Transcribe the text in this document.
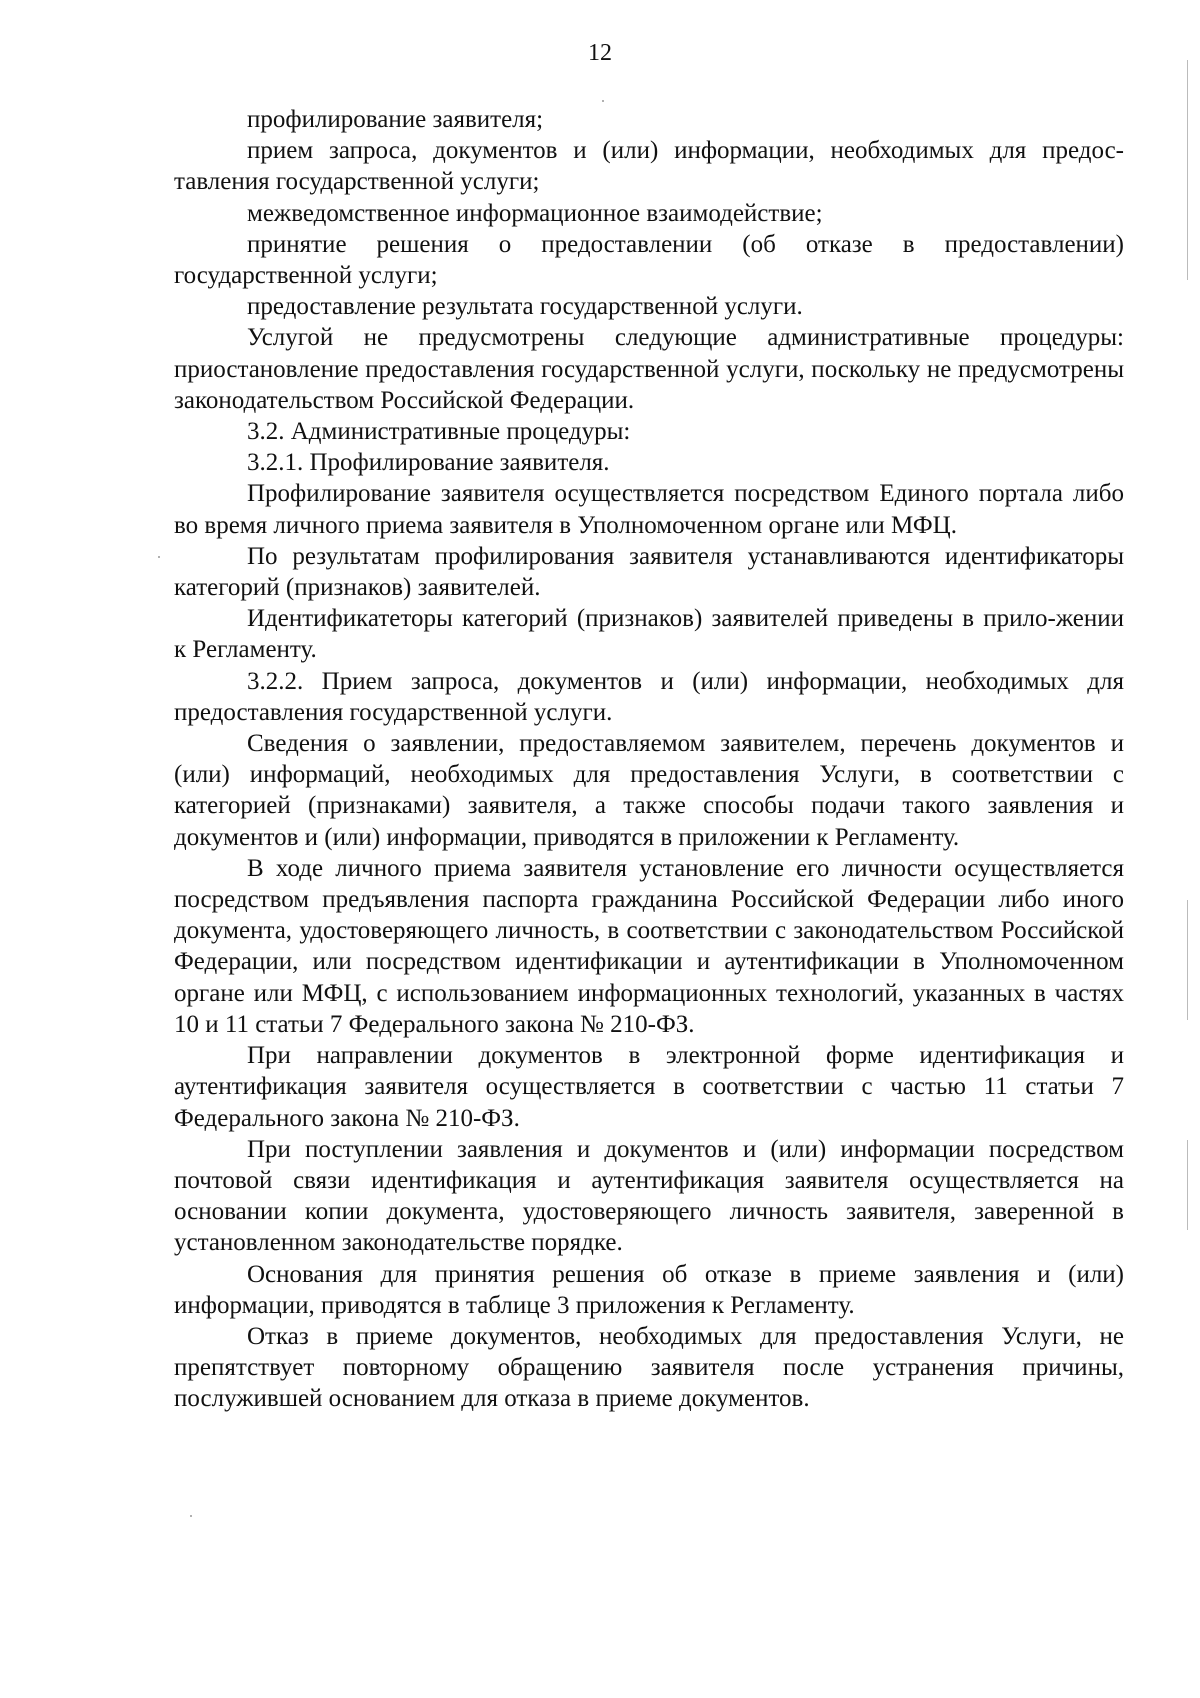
12

профилирование заявителя;

прием запроса, документов и (или) информации, необходимых для предос-тавления государственной услуги;

межведомственное информационное взаимодействие;

принятие решения о предоставлении (об отказе в предоставлении) государственной услуги;

предоставление результата государственной услуги.

Услугой не предусмотрены следующие административные процедуры: приостановление предоставления государственной услуги, поскольку не предусмотрены законодательством Российской Федерации.

3.2. Административные процедуры:

3.2.1. Профилирование заявителя.

Профилирование заявителя осуществляется посредством Единого портала либо во время личного приема заявителя в Уполномоченном органе или МФЦ.

По результатам профилирования заявителя устанавливаются идентификаторы категорий (признаков) заявителей.

Идентификатеторы категорий (признаков) заявителей приведены в прило-жении к Регламенту.

3.2.2. Прием запроса, документов и (или) информации, необходимых для предоставления государственной услуги.

Сведения о заявлении, предоставляемом заявителем, перечень документов и (или) информаций, необходимых для предоставления Услуги, в соответствии с категорией (признаками) заявителя, а также способы подачи такого заявления и документов и (или) информации, приводятся в приложении к Регламенту.

В ходе личного приема заявителя установление его личности осуществляется посредством предъявления паспорта гражданина Российской Федерации либо иного документа, удостоверяющего личность, в соответствии с законодательством Российской Федерации, или посредством идентификации и аутентификации в Уполномоченном органе или МФЦ, с использованием информационных технологий, указанных в частях 10 и 11 статьи 7 Федерального закона № 210-ФЗ.

При направлении документов в электронной форме идентификация и аутентификация заявителя осуществляется в соответствии с частью 11 статьи 7 Федерального закона № 210-ФЗ.

При поступлении заявления и документов и (или) информации посредством почтовой связи идентификация и аутентификация заявителя осуществляется на основании копии документа, удостоверяющего личность заявителя, заверенной в установленном законодательстве порядке.

Основания для принятия решения об отказе в приеме заявления и (или) информации, приводятся в таблице 3 приложения к Регламенту.

Отказ в приеме документов, необходимых для предоставления Услуги, не препятствует повторному обращению заявителя после устранения причины, послужившей основанием для отказа в приеме документов.
